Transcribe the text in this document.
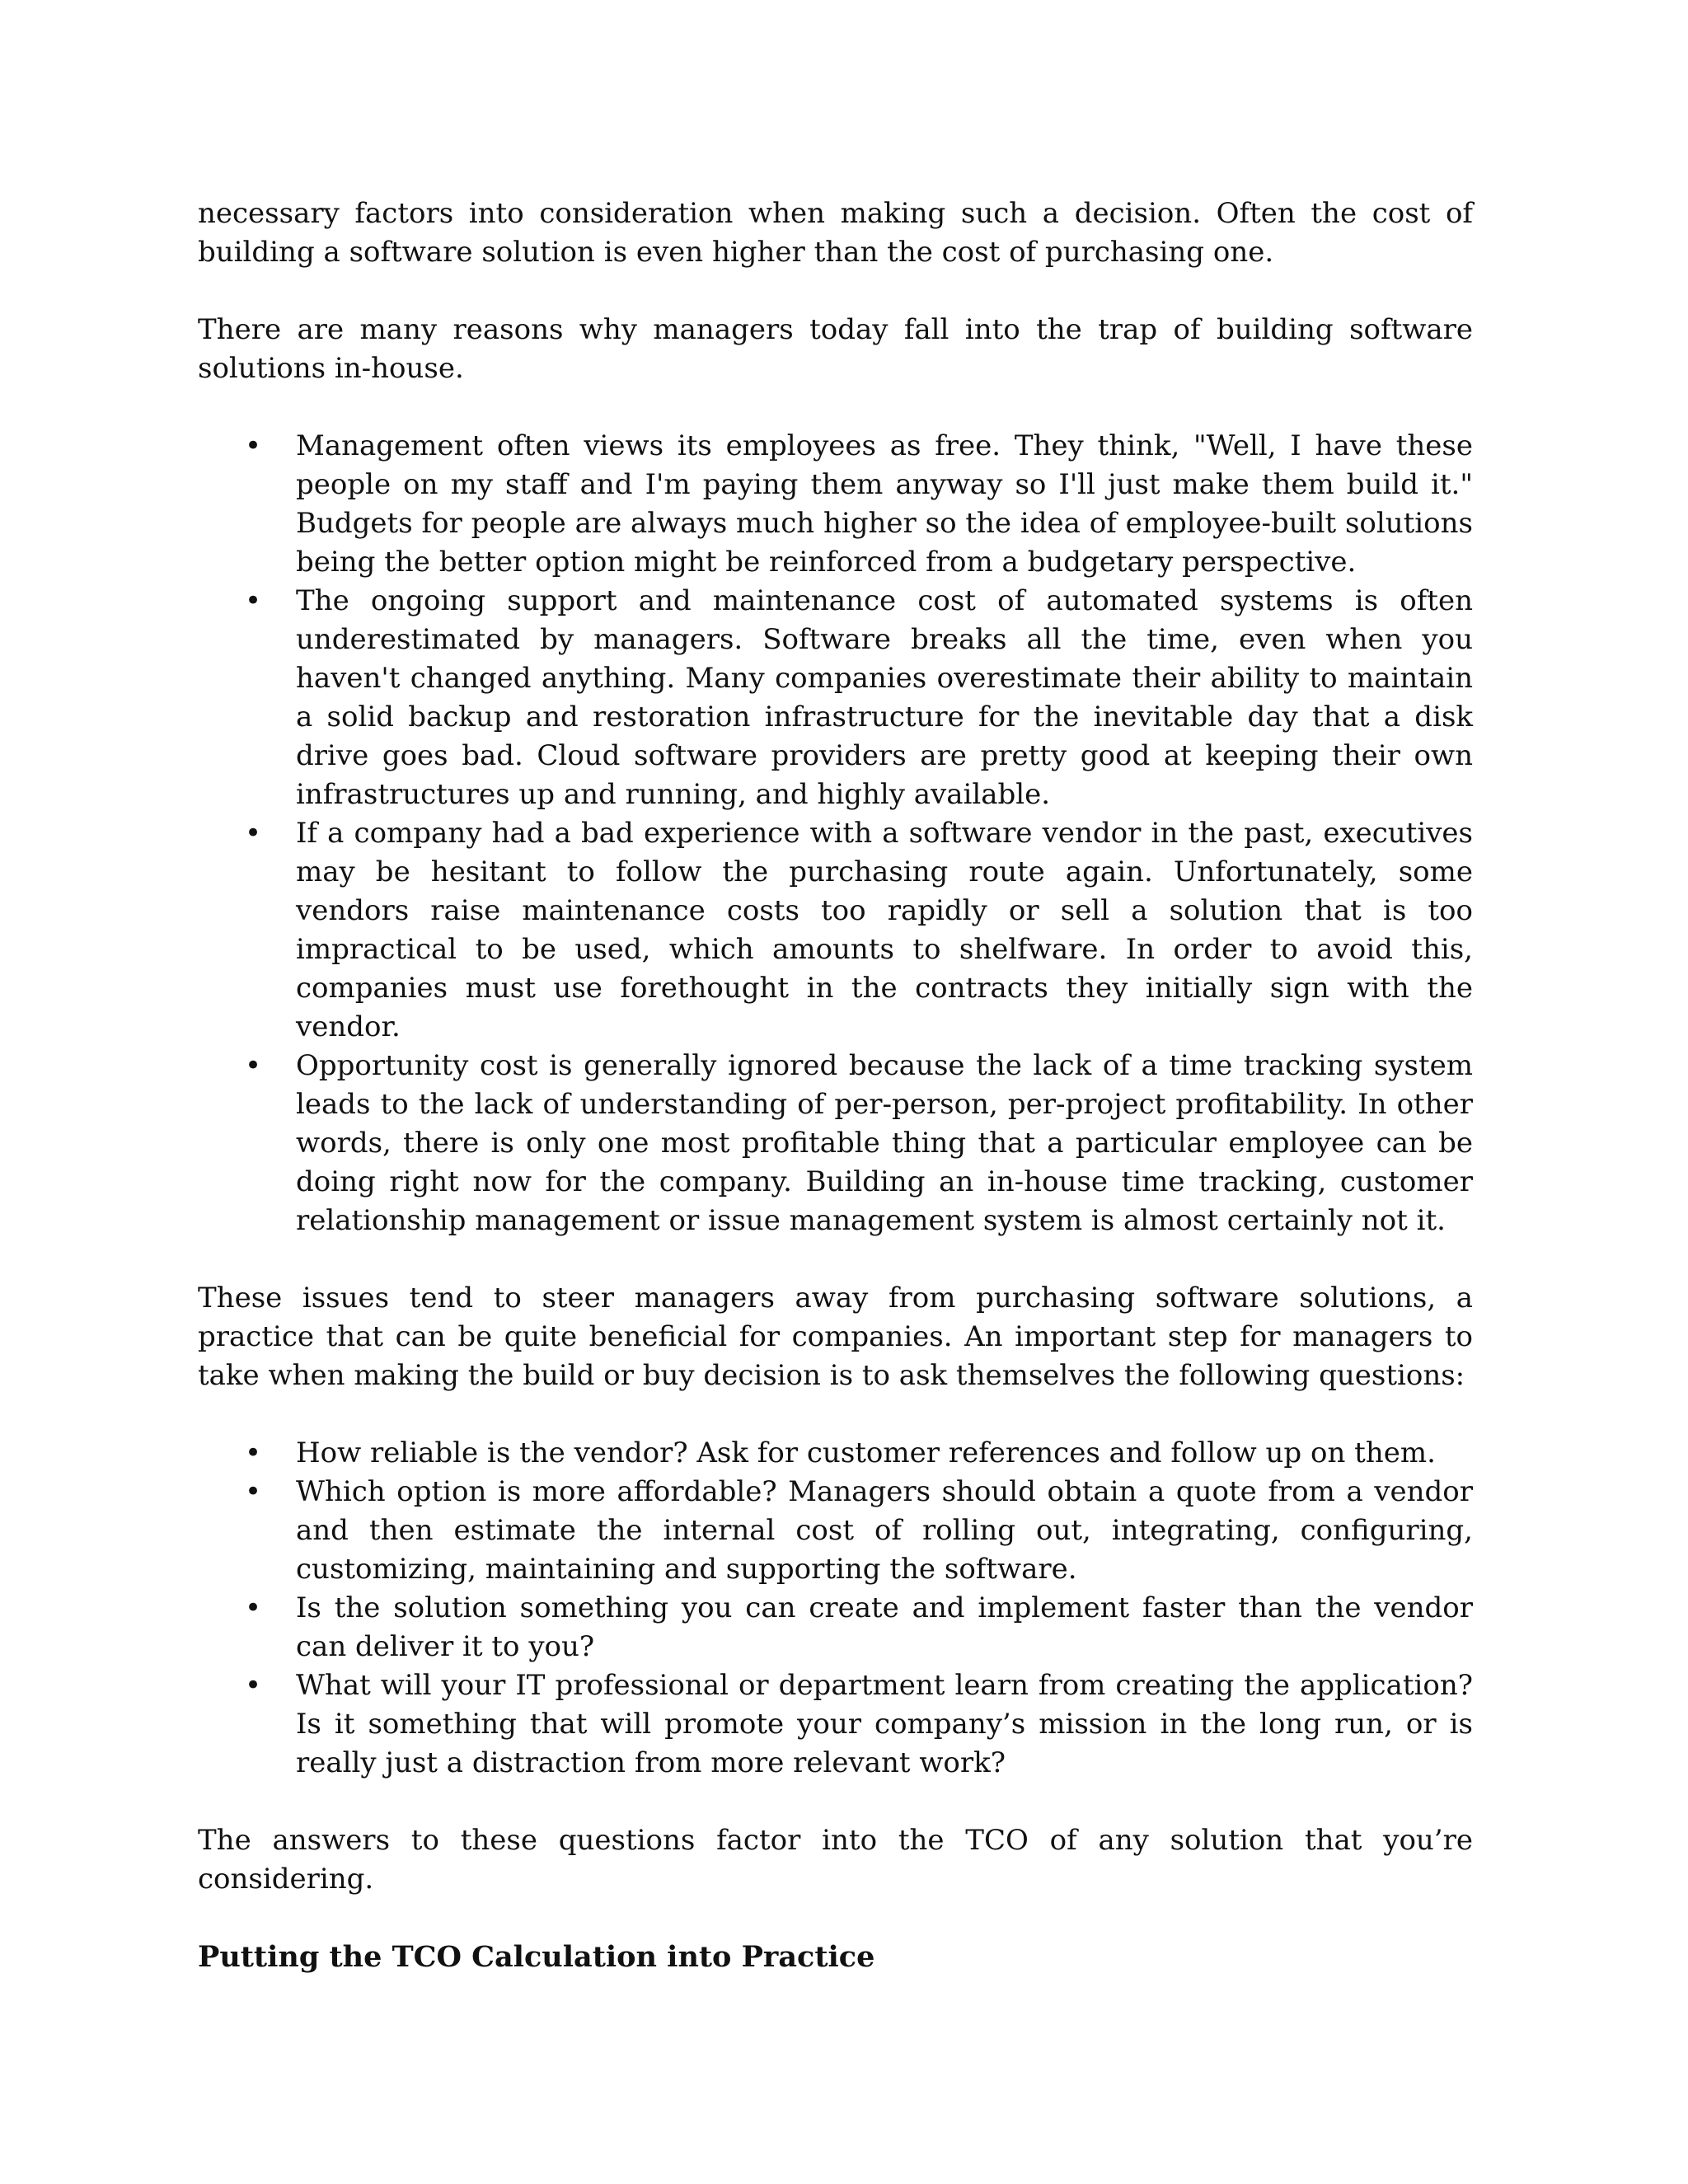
necessary factors into consideration when making such a decision. Often the cost of building a software solution is even higher than the cost of purchasing one.

There are many reasons why managers today fall into the trap of building software solutions in-house.

• Management often views its employees as free. They think, "Well, I have these people on my staff and I'm paying them anyway so I'll just make them build it." Budgets for people are always much higher so the idea of employee-built solutions being the better option might be reinforced from a budgetary perspective.
• The ongoing support and maintenance cost of automated systems is often underestimated by managers. Software breaks all the time, even when you haven't changed anything. Many companies overestimate their ability to maintain a solid backup and restoration infrastructure for the inevitable day that a disk drive goes bad. Cloud software providers are pretty good at keeping their own infrastructures up and running, and highly available.
• If a company had a bad experience with a software vendor in the past, executives may be hesitant to follow the purchasing route again. Unfortunately, some vendors raise maintenance costs too rapidly or sell a solution that is too impractical to be used, which amounts to shelfware. In order to avoid this, companies must use forethought in the contracts they initially sign with the vendor.
• Opportunity cost is generally ignored because the lack of a time tracking system leads to the lack of understanding of per-person, per-project profitability. In other words, there is only one most profitable thing that a particular employee can be doing right now for the company. Building an in-house time tracking, customer relationship management or issue management system is almost certainly not it.

These issues tend to steer managers away from purchasing software solutions, a practice that can be quite beneficial for companies. An important step for managers to take when making the build or buy decision is to ask themselves the following questions:

• How reliable is the vendor? Ask for customer references and follow up on them.
• Which option is more affordable? Managers should obtain a quote from a vendor and then estimate the internal cost of rolling out, integrating, configuring, customizing, maintaining and supporting the software.
• Is the solution something you can create and implement faster than the vendor can deliver it to you?
• What will your IT professional or department learn from creating the application? Is it something that will promote your company’s mission in the long run, or is really just a distraction from more relevant work?

The answers to these questions factor into the TCO of any solution that you’re considering.

Putting the TCO Calculation into Practice
